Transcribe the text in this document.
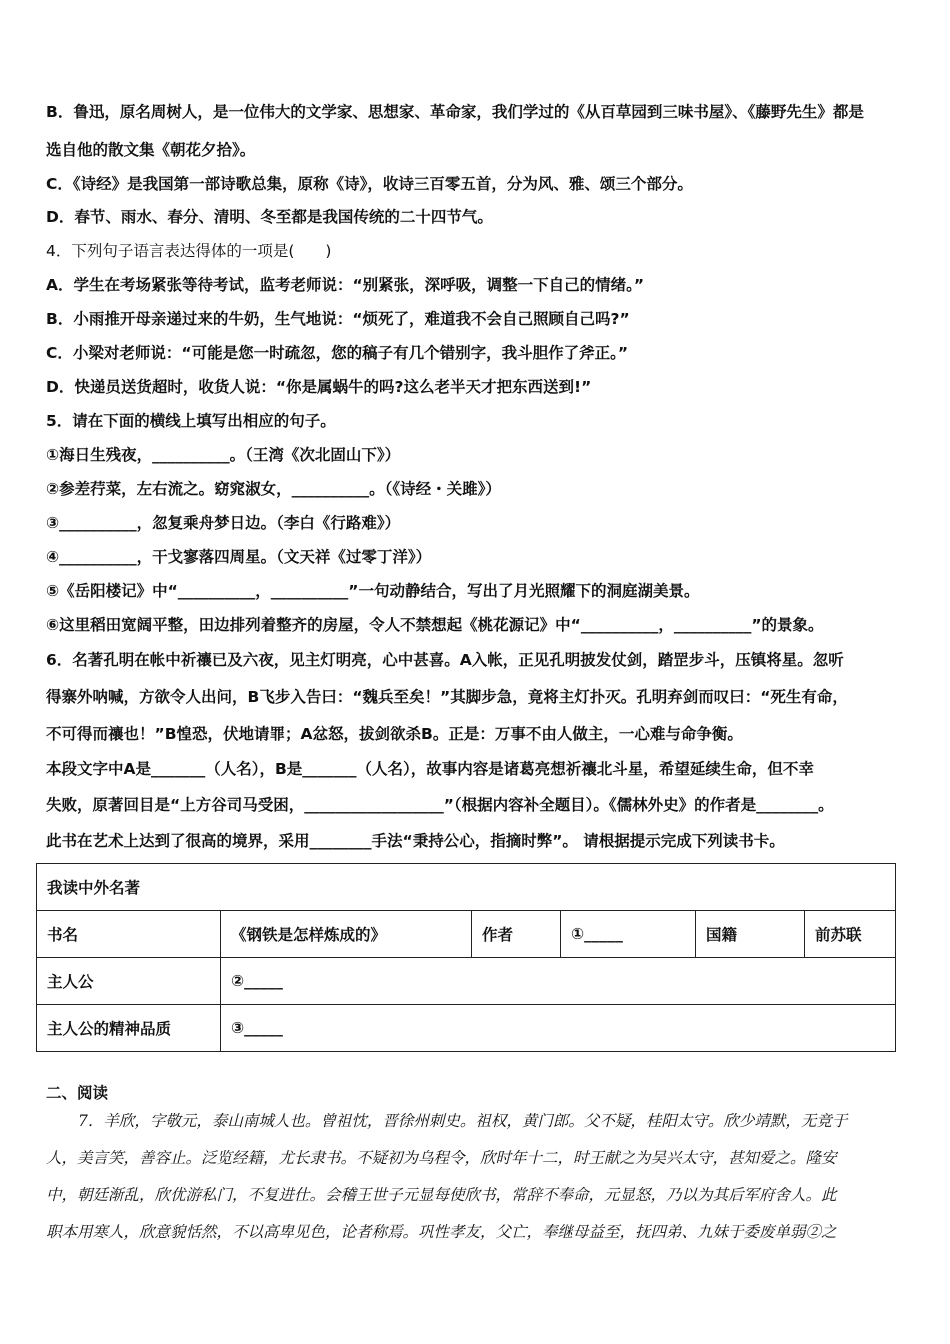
B．鲁迅，原名周树人，是一位伟大的文学家、思想家、革命家，我们学过的《从百草园到三味书屋》、《藤野先生》都是
选自他的散文集《朝花夕拾》。
C．《诗经》是我国第一部诗歌总集，原称《诗》，收诗三百零五首，分为风、雅、颂三个部分。
D．春节、雨水、春分、清明、冬至都是我国传统的二十四节气。
4．下列句子语言表达得体的一项是(　　)
A．学生在考场紧张等待考试，监考老师说：“别紧张，深呼吸，调整一下自己的情绪。”
B．小雨推开母亲递过来的牛奶，生气地说：“烦死了，难道我不会自己照顾自己吗?”
C．小梁对老师说：“可能是您一时疏忽，您的稿子有几个错别字，我斗胆作了斧正。”
D．快递员送货超时，收货人说：“你是属蜗牛的吗?这么老半天才把东西送到!”
5．请在下面的横线上填写出相应的句子。
①海日生残夜，__________。（王湾《次北固山下》）
②参差荇菜，左右流之。窈窕淑女，__________。（《诗经・关雎》）
③__________，忽复乘舟梦日边。（李白《行路难》）
④__________，干戈寥落四周星。（文天祥《过零丁洋》）
⑤《岳阳楼记》中“__________，__________”一句动静结合，写出了月光照耀下的洞庭湖美景。
⑥这里稻田宽阔平整，田边排列着整齐的房屋，令人不禁想起《桃花源记》中“__________，__________”的景象。
6．名著孔明在帐中祈禳已及六夜，见主灯明亮，心中甚喜。A入帐，正见孔明披发仗剑，踏罡步斗，压镇将星。忽听
得寨外呐喊，方欲令人出问，B飞步入告曰：“魏兵至矣！”其脚步急，竟将主灯扑灭。孔明弃剑而叹曰：“死生有命，
不可得而禳也！”B惶恐，伏地请罪；A忿怒，拔剑欲杀B。正是：万事不由人做主，一心难与命争衡。
本段文字中A是_______（人名），B是_______（人名），故事内容是诸葛亮想祈禳北斗星，希望延续生命，但不幸
失败，原著回目是“上方谷司马受困，__________________”（根据内容补全题目）。《儒林外史》的作者是________。
此书在艺术上达到了很高的境界，采用________手法“秉持公心，指摘时弊”。 请根据提示完成下列读书卡。
我读中外名著					
书名	《钢铁是怎样炼成的》	作者	①_____	国籍	前苏联
主人公	②_____				
主人公的精神品质	③_____				
二、阅读
7．羊欣，字敬元，泰山南城人也。曾祖忱，晋徐州刺史。祖权，黄门郎。父不疑，桂阳太守。欣少靖默，无竞于
人，美言笑，善容止。泛览经籍，尤长隶书。不疑初为乌程令，欣时年十二，时王献之为吴兴太守，甚知爱之。隆安
中，朝廷渐乱，欣优游私门，不复进仕。会稽王世子元显每使欣书，常辞不奉命，元显怒，乃以为其后军府舍人。此
职本用寒人，欣意貌恬然，不以高卑见色，论者称焉。巩性孝友，父亡，奉继母益至，抚四弟、九妹于委废单弱②之
